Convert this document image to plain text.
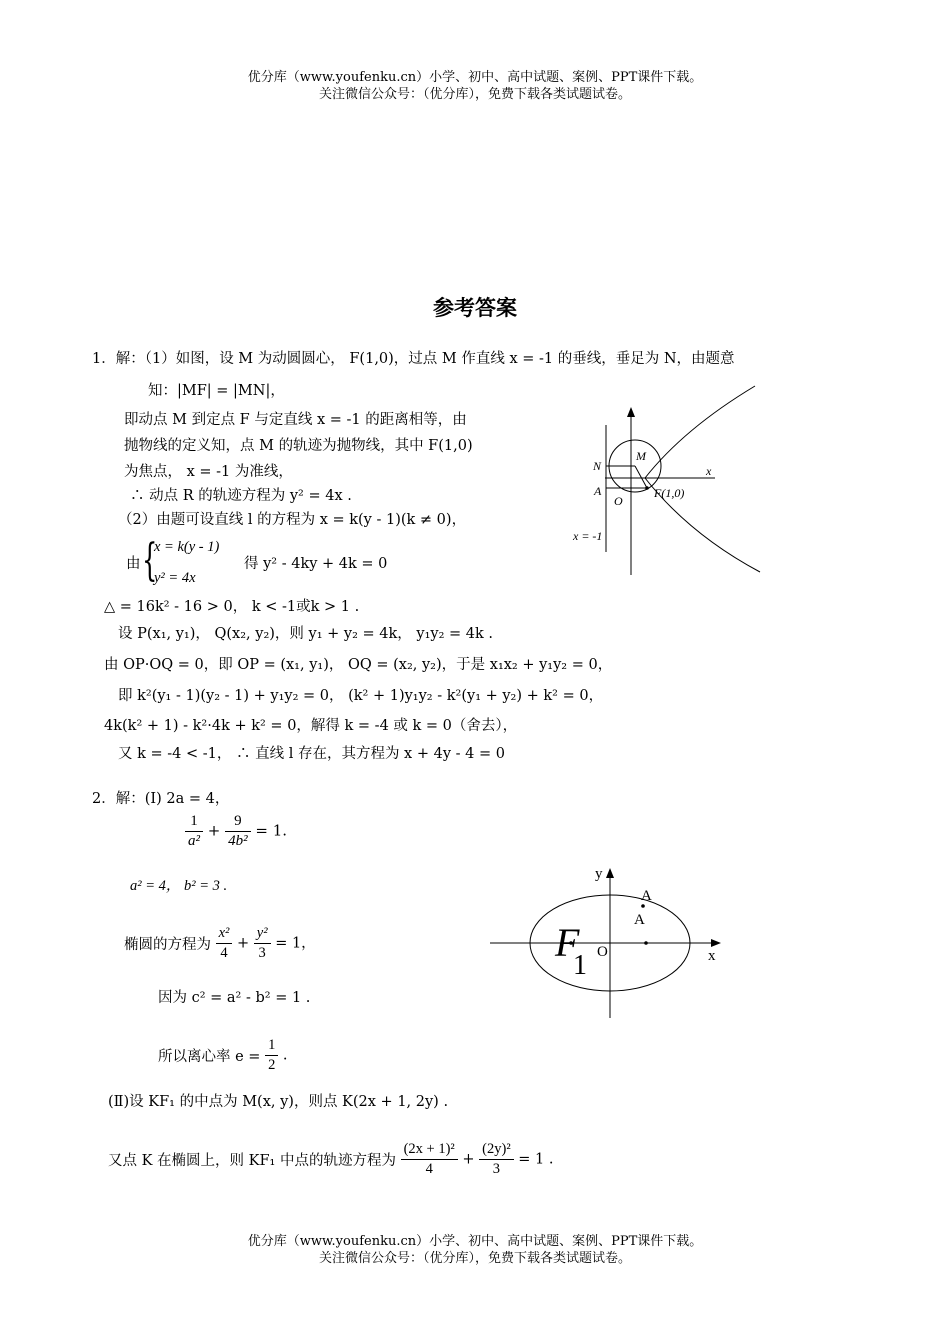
优分库（www.youfenku.cn）小学、初中、高中试题、案例、PPT课件下载。
关注微信公众号：（优分库），免费下载各类试题试卷。
参考答案
1．解：（1）如图，设 M 为动圆圆心， F(1,0)，过点 M 作直线 x = -1 的垂线，垂足为 N，由题意
知：|MF| = |MN|，
即动点 M 到定点 F 与定直线 x = -1 的距离相等，由
抛物线的定义知，点 M 的轨迹为抛物线，其中 F(1,0)
为焦点， x = -1 为准线，
∴ 动点 R 的轨迹方程为 y² = 4x .
（2）由题可设直线 l 的方程为 x = k(y - 1)(k ≠ 0)，
由 {
x = k(y - 1)
y² = 4x
得 y² - 4ky + 4k = 0
△ = 16k² - 16 > 0， k < -1或k > 1 .
设 P(x₁, y₁)， Q(x₂, y₂)，则 y₁ + y₂ = 4k， y₁y₂ = 4k .
由 OP·OQ = 0，即 OP = (x₁, y₁)， OQ = (x₂, y₂)，于是 x₁x₂ + y₁y₂ = 0，
即 k²(y₁ - 1)(y₂ - 1) + y₁y₂ = 0， (k² + 1)y₁y₂ - k²(y₁ + y₂) + k² = 0，
4k(k² + 1) - k²·4k + k² = 0，解得 k = -4 或 k = 0（舍去），
又 k = -4 < -1， ∴ 直线 l 存在，其方程为 x + 4y - 4 = 0
x
N
M
A
O
F(1,0)
x = -1
2．解：(Ⅰ) 2a = 4，
$\frac{1}{\text{a²}} + \frac{9}{\text{4b²}} = 1$.
a² = 4， b² = 3 .
椭圆的方程为 $\frac{\text{x²}}{4} + \frac{\text{y²}}{3} = 1$，
因为 c² = a² - b² = 1 .
所以离心率 $e = \frac{1}{2}$ .
(Ⅱ)设 KF₁ 的中点为 M(x, y)，则点 K(2x + 1, 2y) .
又点 K 在椭圆上，则 KF₁ 中点的轨迹方程为 $\frac{\text{(2x + 1)²}}{4} + \frac{\text{(2y)²}}{3} = 1$ .
y
x
A
A
O
F
1
优分库（www.youfenku.cn）小学、初中、高中试题、案例、PPT课件下载。
关注微信公众号：（优分库），免费下载各类试题试卷。
